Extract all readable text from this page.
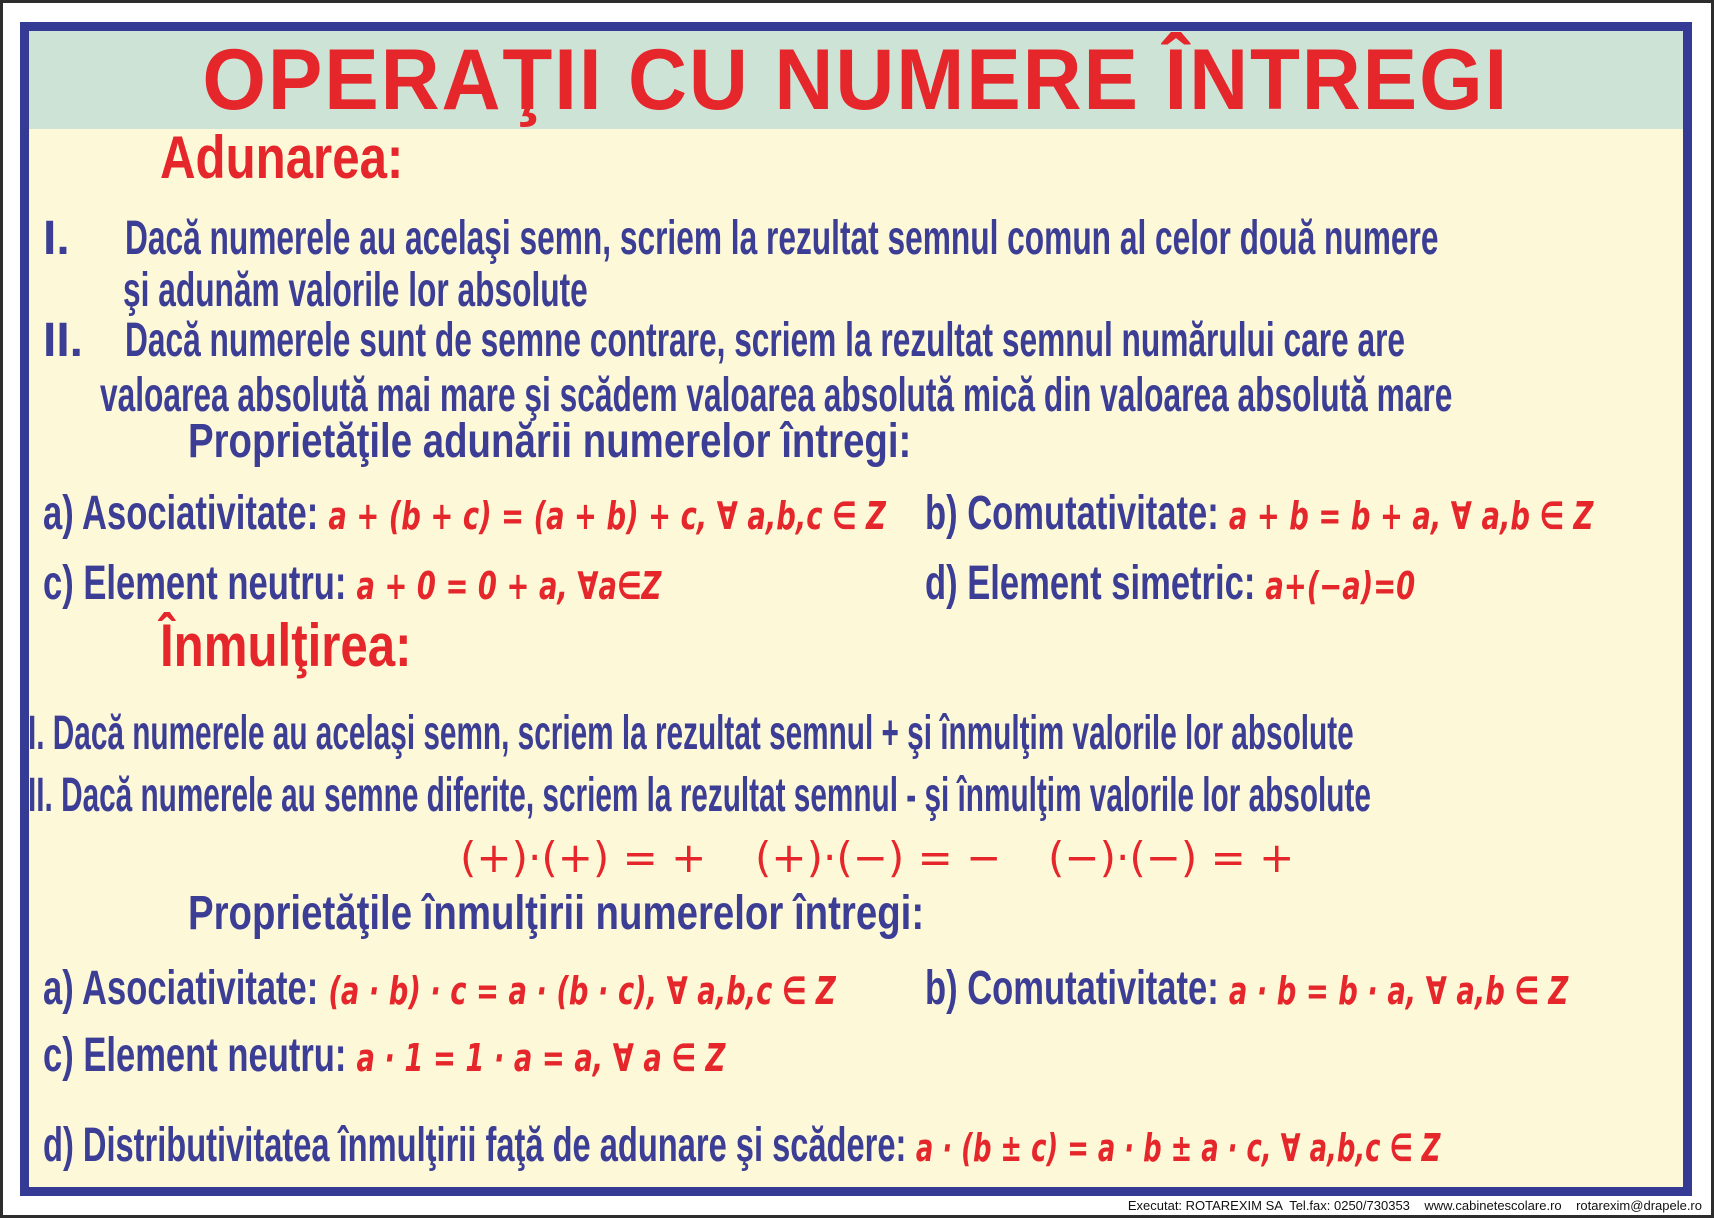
OPERAŢII CU NUMERE ÎNTREGI
Adunarea:
I. Dacă numerele au acelaşi semn, scriem la rezultat semnul comun al celor două numere
şi adunăm valorile lor absolute
II. Dacă numerele sunt de semne contrare, scriem la rezultat semnul numărului care are
valoarea absolută mai mare şi scădem valoarea absolută mică din valoarea absolută mare
Proprietăţile adunării numerelor întregi:
a) Asociativitate: a + (b + c) = (a + b) + c, ∀ a,b,c ∈ Z b) Comutativitate: a + b = b + a, ∀ a,b ∈ Z
c) Element neutru: a + 0 = 0 + a, ∀a∈Z	d) Element simetric: a+(−a)=0
Înmulţirea:
I. Dacă numerele au acelaşi semn, scriem la rezultat semnul + şi înmulţim valorile lor absolute
II. Dacă numerele au semne diferite, scriem la rezultat semnul - şi înmulţim valorile lor absolute
(+)·(+) = + (+)·(−) = − (−)·(−) = +
Proprietăţile înmulţirii numerelor întregi:
a) Asociativitate: (a · b) · c = a · (b · c), ∀ a,b,c ∈ Z b) Comutativitate: a · b = b · a, ∀ a,b ∈ Z
c) Element neutru: a · 1 = 1 · a = a, ∀ a ∈ Z
d) Distributivitatea înmulţirii faţă de adunare şi scădere: a · (b ± c) = a · b ± a · c, ∀ a,b,c ∈ Z
Executat: ROTAREXIM SA  Tel.fax: 0250/730353    www.cabinetescolare.ro    rotarexim@drapele.ro
